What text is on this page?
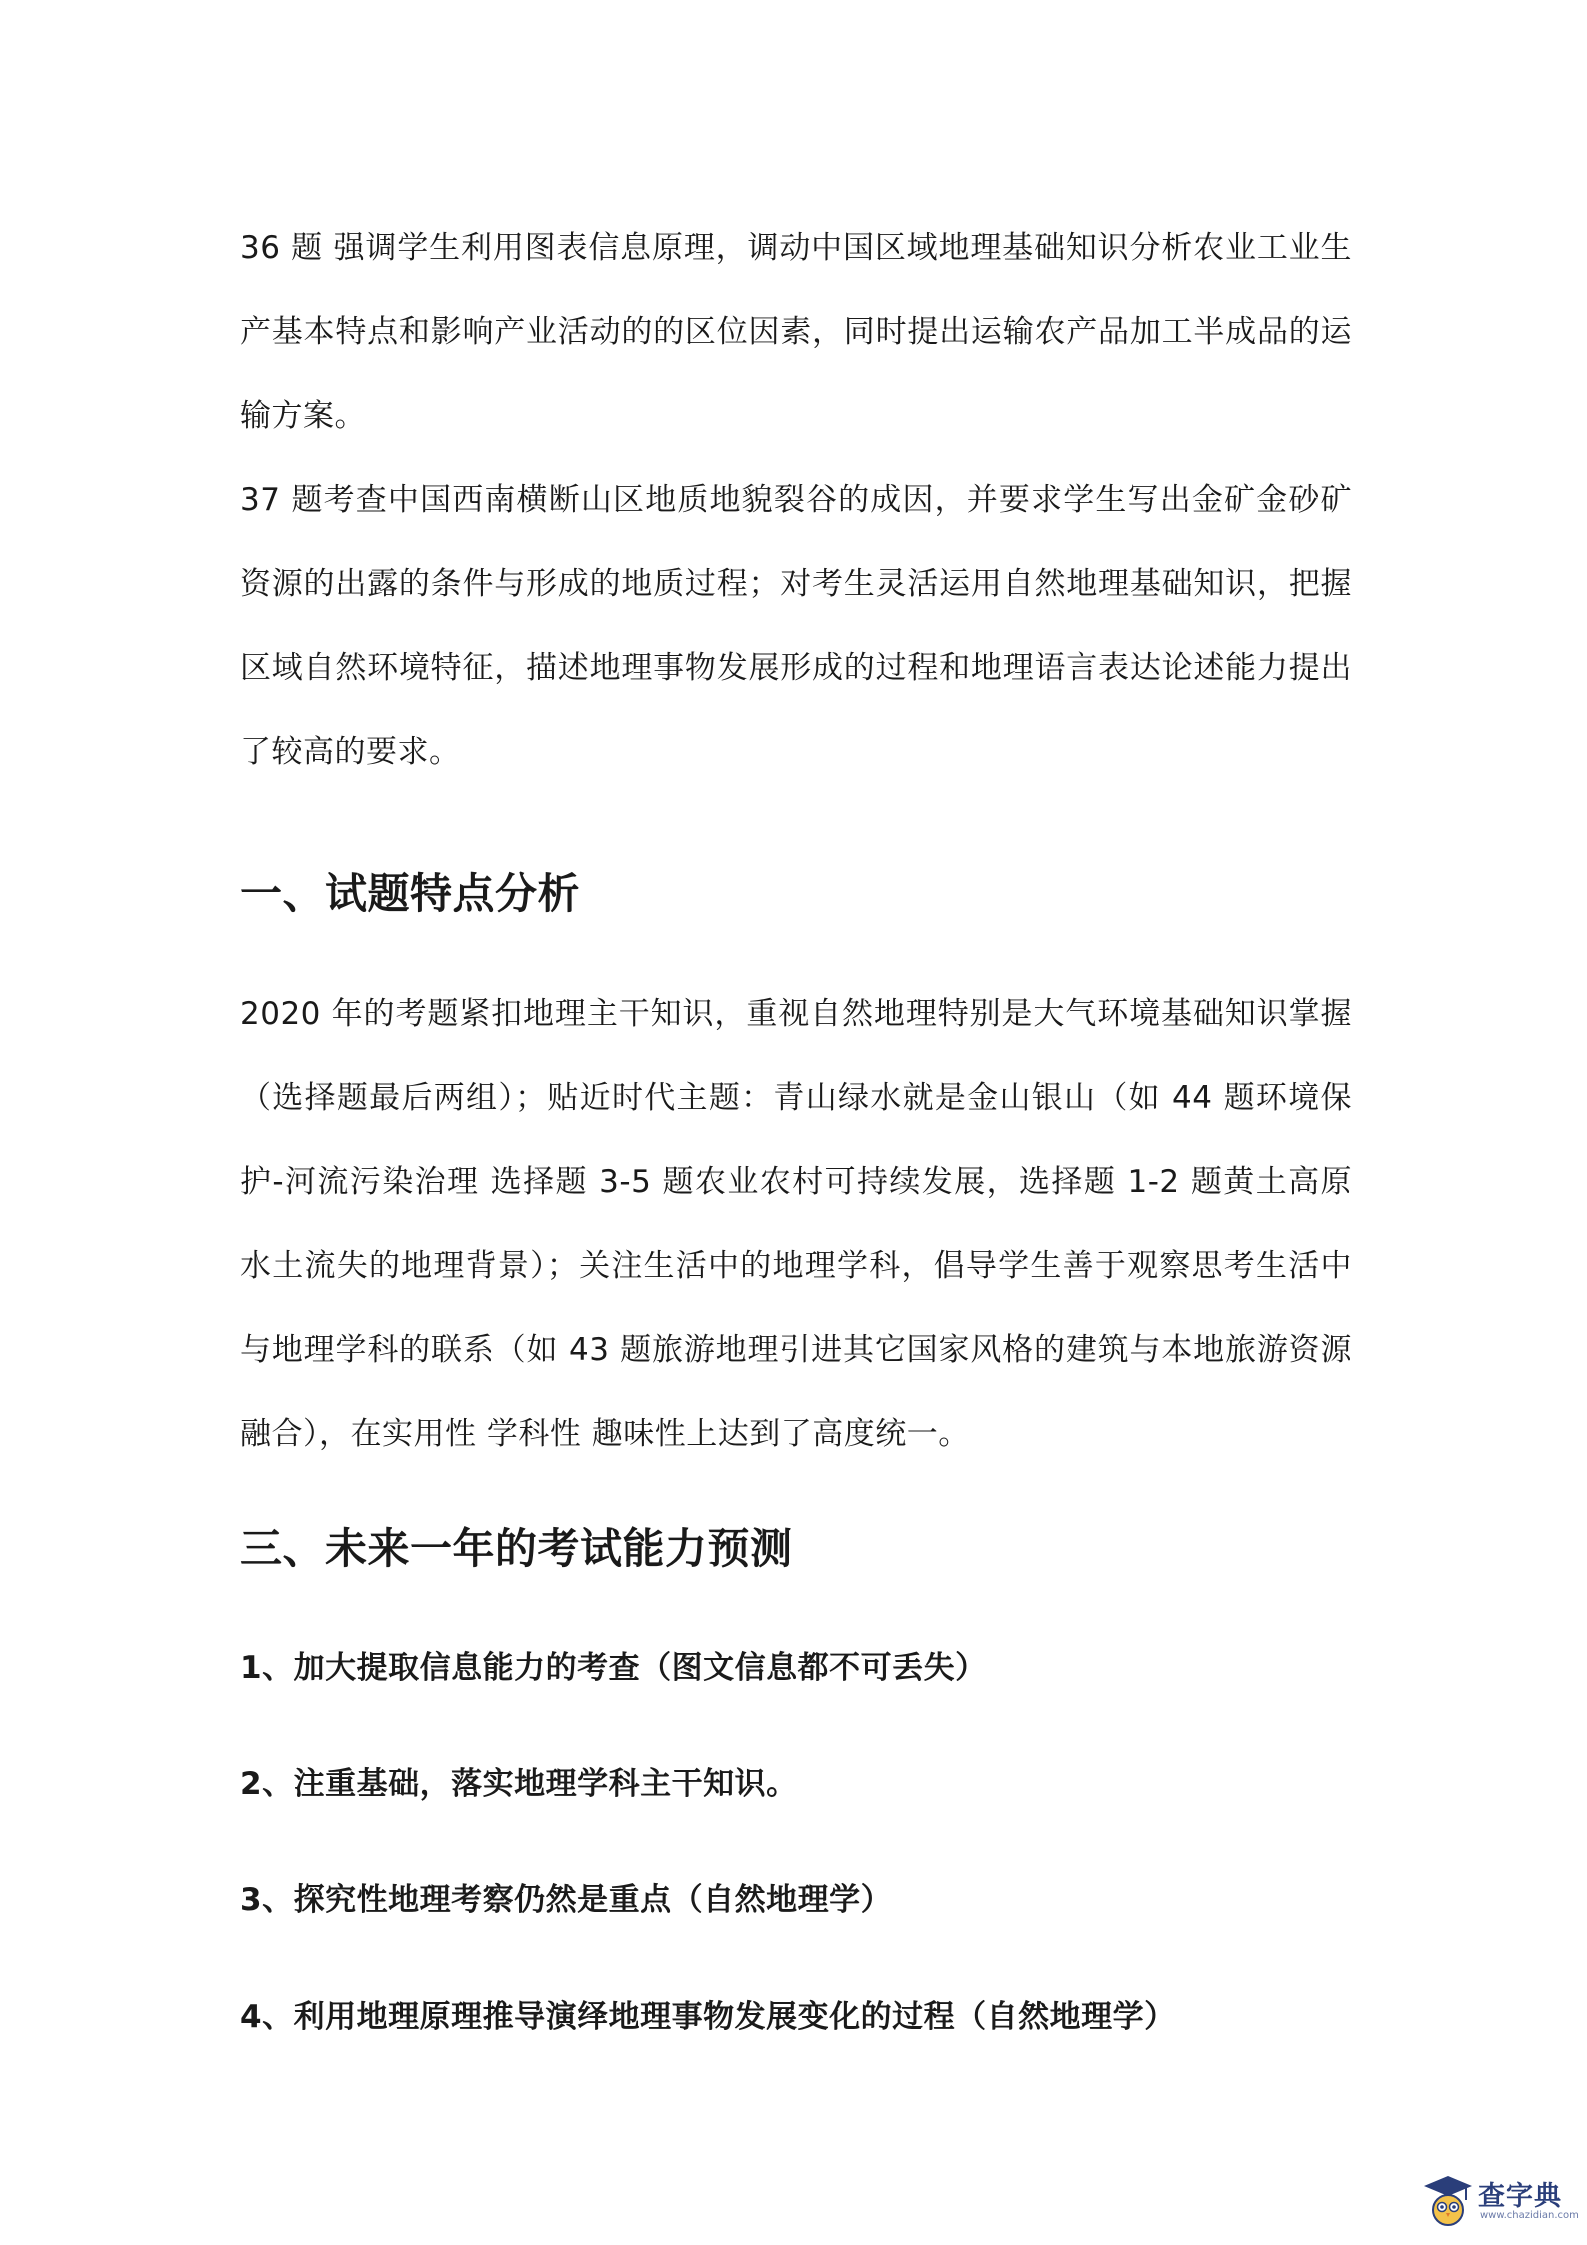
36 题 强调学生利用图表信息原理，调动中国区域地理基础知识分析农业工业生产基本特点和影响产业活动的的区位因素，同时提出运输农产品加工半成品的运输方案。

37 题考查中国西南横断山区地质地貌裂谷的成因，并要求学生写出金矿金砂矿资源的出露的条件与形成的地质过程；对考生灵活运用自然地理基础知识，把握区域自然环境特征，描述地理事物发展形成的过程和地理语言表达论述能力提出了较高的要求。

一、试题特点分析

2020 年的考题紧扣地理主干知识，重视自然地理特别是大气环境基础知识掌握（选择题最后两组）；贴近时代主题：青山绿水就是金山银山（如 44 题环境保护-河流污染治理 选择题 3-5 题农业农村可持续发展，选择题 1-2 题黄土高原水土流失的地理背景）；关注生活中的地理学科，倡导学生善于观察思考生活中与地理学科的联系（如 43 题旅游地理引进其它国家风格的建筑与本地旅游资源融合），在实用性 学科性 趣味性上达到了高度统一。

三、未来一年的考试能力预测

1、加大提取信息能力的考查（图文信息都不可丢失）

2、注重基础，落实地理学科主干知识。

3、探究性地理考察仍然是重点（自然地理学）

4、利用地理原理推导演绎地理事物发展变化的过程（自然地理学）

查字典
www.chazidian.com
